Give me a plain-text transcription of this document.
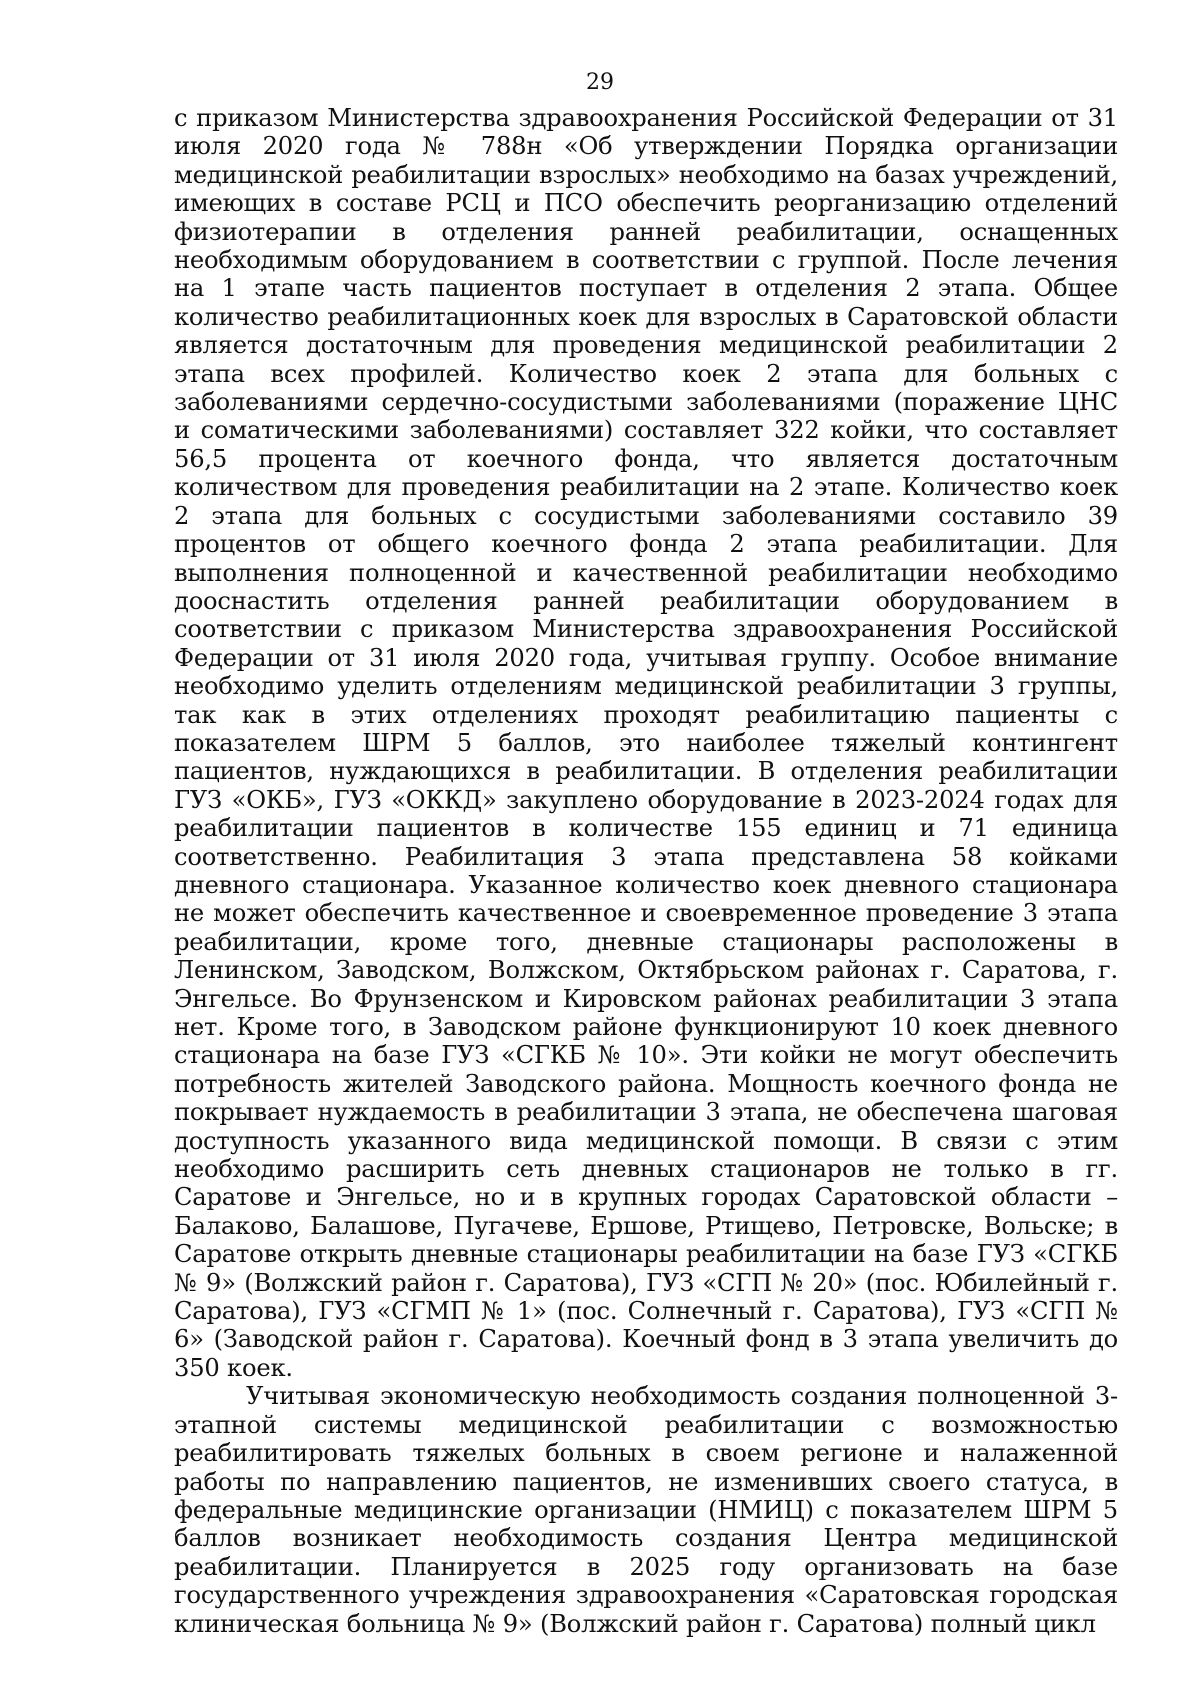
29

с приказом Министерства здравоохранения Российской Федерации от 31 июля 2020 года № 788н «Об утверждении Порядка организации медицинской реабилитации взрослых» необходимо на базах учреждений, имеющих в составе РСЦ и ПСО обеспечить реорганизацию отделений физиотерапии в отделения ранней реабилитации, оснащенных необходимым оборудованием в соответствии с группой. После лечения на 1 этапе часть пациентов поступает в отделения 2 этапа. Общее количество реабилитационных коек для взрослых в Саратовской области является достаточным для проведения медицинской реабилитации 2 этапа всех профилей. Количество коек 2 этапа для больных с заболеваниями сердечно-сосудистыми заболеваниями (поражение ЦНС и соматическими заболеваниями) составляет 322 койки, что составляет 56,5 процента от коечного фонда, что является достаточным количеством для проведения реабилитации на 2 этапе. Количество коек 2 этапа для больных с сосудистыми заболеваниями составило 39 процентов от общего коечного фонда 2 этапа реабилитации. Для выполнения полноценной и качественной реабилитации необходимо дооснастить отделения ранней реабилитации оборудованием в соответствии с приказом Министерства здравоохранения Российской Федерации от 31 июля 2020 года, учитывая группу. Особое внимание необходимо уделить отделениям медицинской реабилитации 3 группы, так как в этих отделениях проходят реабилитацию пациенты с показателем ШРМ 5 баллов, это наиболее тяжелый контингент пациентов, нуждающихся в реабилитации. В отделения реабилитации ГУЗ «ОКБ», ГУЗ «ОККД» закуплено оборудование в 2023-2024 годах для реабилитации пациентов в количестве 155 единиц и 71 единица соответственно. Реабилитация 3 этапа представлена 58 койками дневного стационара. Указанное количество коек дневного стационара не может обеспечить качественное и своевременное проведение 3 этапа реабилитации, кроме того, дневные стационары расположены в Ленинском, Заводском, Волжском, Октябрьском районах г. Саратова, г. Энгельсе. Во Фрунзенском и Кировском районах реабилитации 3 этапа нет. Кроме того, в Заводском районе функционируют 10 коек дневного стационара на базе ГУЗ «СГКБ № 10». Эти койки не могут обеспечить потребность жителей Заводского района. Мощность коечного фонда не покрывает нуждаемость в реабилитации 3 этапа, не обеспечена шаговая доступность указанного вида медицинской помощи. В связи с этим необходимо расширить сеть дневных стационаров не только в гг. Саратове и Энгельсе, но и в крупных городах Саратовской области – Балаково, Балашове, Пугачеве, Ершове, Ртищево, Петровске, Вольске; в Саратове открыть дневные стационары реабилитации на базе ГУЗ «СГКБ № 9» (Волжский район г. Саратова), ГУЗ «СГП № 20» (пос. Юбилейный г. Саратова), ГУЗ «СГМП № 1» (пос. Солнечный г. Саратова), ГУЗ «СГП № 6» (Заводской район г. Саратова). Коечный фонд в 3 этапа увеличить до 350 коек.

Учитывая экономическую необходимость создания полноценной 3-этапной системы медицинской реабилитации с возможностью реабилитировать тяжелых больных в своем регионе и налаженной работы по направлению пациентов, не изменивших своего статуса, в федеральные медицинские организации (НМИЦ) с показателем ШРМ 5 баллов возникает необходимость создания Центра медицинской реабилитации. Планируется в 2025 году организовать на базе государственного учреждения здравоохранения «Саратовская городская клиническая больница № 9» (Волжский район г. Саратова) полный цикл
